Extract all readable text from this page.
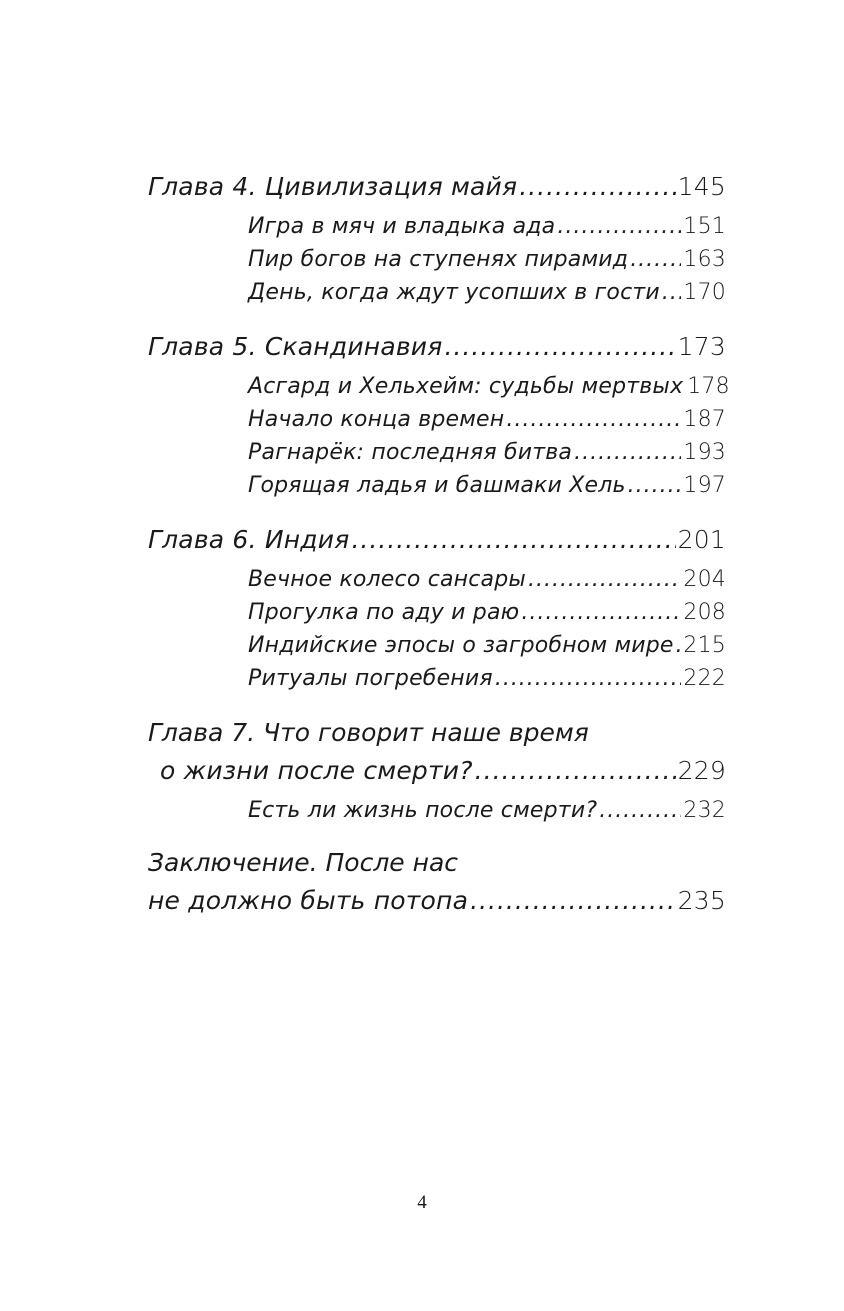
Глава 4. Цивилизация майя .....	145
Игра в мяч и владыка ада .....	151
Пир богов на ступенях пирамид .....	163
День, когда ждут усопших в гости ..... 170
Глава 5. Скандинавия .....	173
Асгард и Хельхейм: судьбы мертвых 178
Начало конца времен .....	187
Рагнарёк: последняя битва .....	193
Горящая ладья и башмаки Хель .....	197
Глава 6. Индия .....	201
Вечное колесо сансары .....	204
Прогулка по аду и раю .....	208
Индийские эпосы о загробном мире ..... 215
Ритуалы погребения .....	222
Глава 7. Что говорит наше время
о жизни после смерти? .....	229
Есть ли жизнь после смерти? .....	232
Заключение. После нас
не должно быть потопа .....	235
4
